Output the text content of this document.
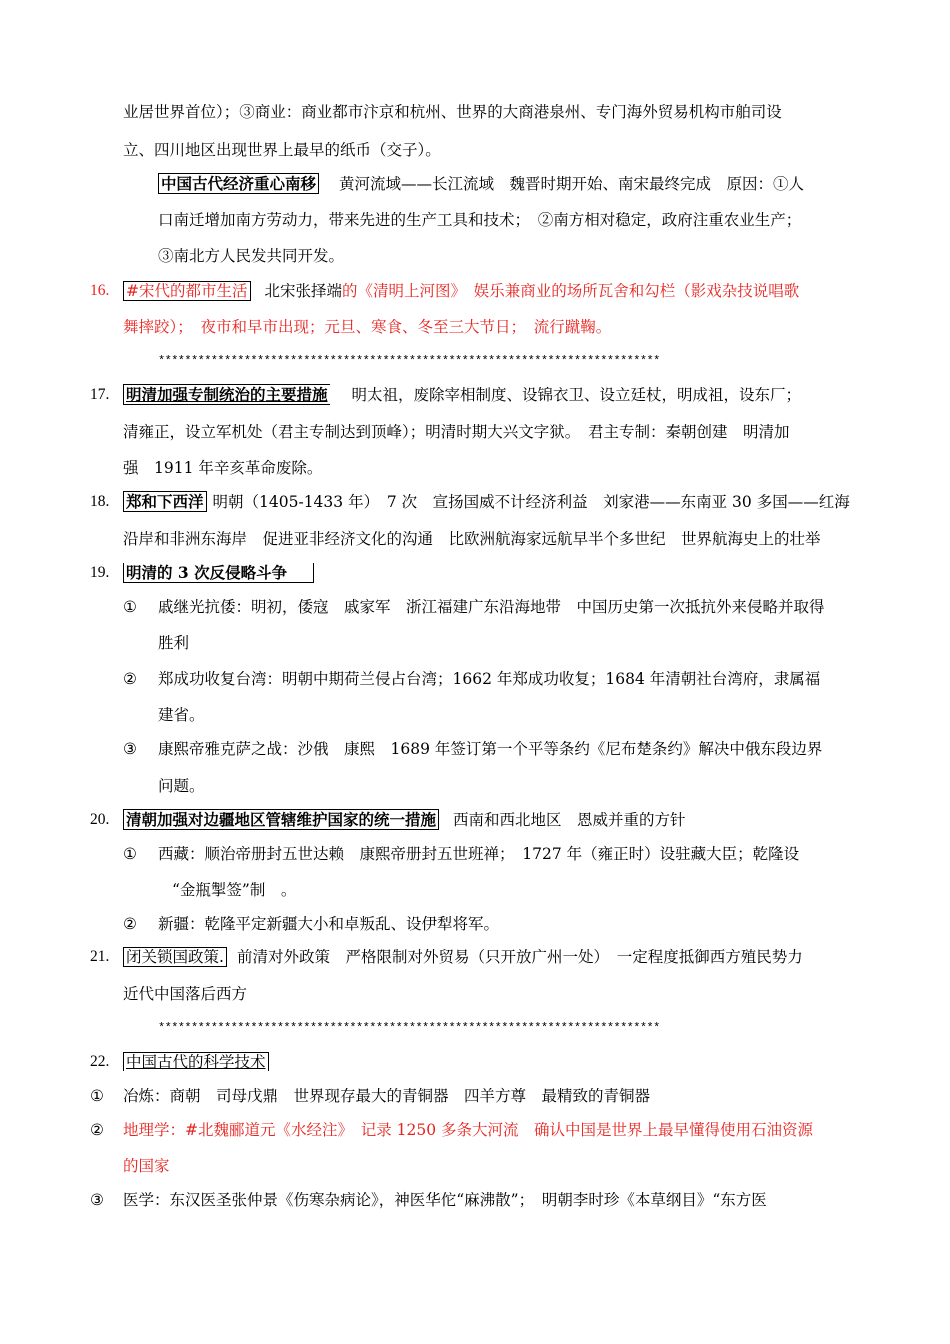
业居世界首位）；③商业：商业都市汴京和杭州、世界的大商港泉州、专门海外贸易机构市舶司设
立、四川地区出现世界上最早的纸币（交子）。
中国古代经济重心南移 黄河流域——长江流域　魏晋时期开始、南宋最终完成　原因：①人
口南迁增加南方劳动力，带来先进的生产工具和技术；　②南方相对稳定，政府注重农业生产；
③南北方人民发共同开发。
16. #宋代的都市生活 北宋张择端的《清明上河图》　娱乐兼商业的场所瓦舍和勾栏（影戏杂技说唱歌
舞摔跤）；　夜市和早市出现；元旦、寒食、冬至三大节日；　流行蹴鞠。
****************************************************************************
17. 明清加强专制统治的主要措施 明太祖，废除宰相制度、设锦衣卫、设立廷杖，明成祖，设东厂；
清雍正，设立军机处（君主专制达到顶峰）；明清时期大兴文字狱。　君主专制：秦朝创建　明清加
强　1911 年辛亥革命废除。
18. 郑和下西洋 明朝（1405-1433 年）　7 次　宣扬国威不计经济利益　刘家港——东南亚 30 多国——红海
沿岸和非洲东海岸　促进亚非经济文化的沟通　比欧洲航海家远航早半个多世纪　世界航海史上的壮举
19. 明清的 3 次反侵略斗争
① 戚继光抗倭：明初，倭寇　戚家军　浙江福建广东沿海地带　中国历史第一次抵抗外来侵略并取得
胜利
② 郑成功收复台湾：明朝中期荷兰侵占台湾；1662 年郑成功收复；1684 年清朝社台湾府，隶属福
建省。
③ 康熙帝雅克萨之战：沙俄　康熙　1689 年签订第一个平等条约《尼布楚条约》解决中俄东段边界
问题。
20. 清朝加强对边疆地区管辖维护国家的统一措施 西南和西北地区　恩威并重的方针
① 西藏：顺治帝册封五世达赖　康熙帝册封五世班禅；　1727 年（雍正时）设驻藏大臣；乾隆设
“金瓶掣签”制　。
② 新疆：乾隆平定新疆大小和卓叛乱、设伊犁将军。
21. 闭关锁国政策. 前清对外政策　严格限制对外贸易（只开放广州一处）　一定程度抵御西方殖民势力
近代中国落后西方
****************************************************************************
22. 中国古代的科学技术
① 冶炼：商朝　司母戊鼎　世界现存最大的青铜器　四羊方尊　最精致的青铜器
② 地理学：#北魏郦道元《水经注》　记录 1250 多条大河流　确认中国是世界上最早懂得使用石油资源
的国家
③ 医学：东汉医圣张仲景《伤寒杂病论》，神医华佗“麻沸散”；　明朝李时珍《本草纲目》“东方医
